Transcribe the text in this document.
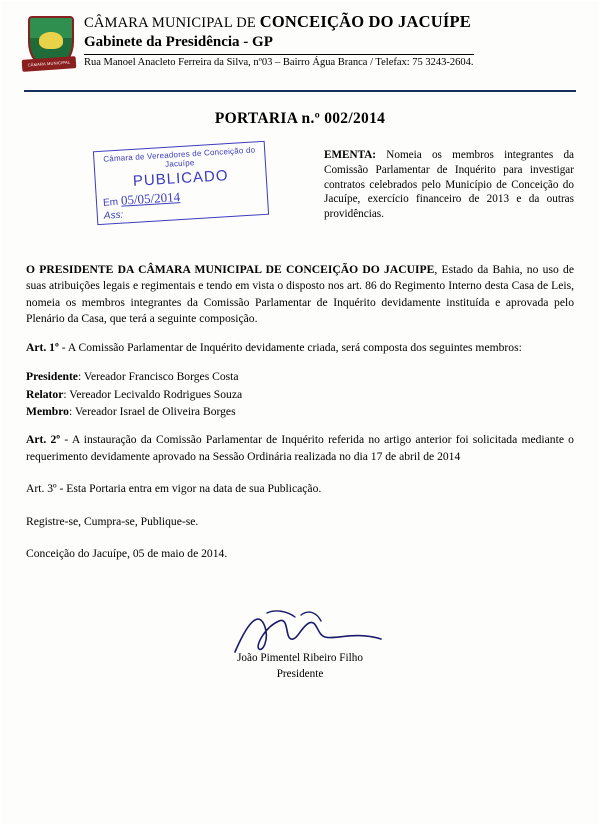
CÂMARA MUNICIPAL
CÂMARA MUNICIPAL DE CONCEIÇÃO DO JACUÍPE
Gabinete da Presidência - GP
Rua Manoel Anacleto Ferreira da Silva, nº03 – Bairro Água Branca / Telefax: 75 3243-2604.
PORTARIA n.º 002/2014
Câmara de Vereadores de Conceição do Jacuípe
PUBLICADO
Em 05/05/2014
Ass:
EMENTA: Nomeia os membros integrantes da Comissão Parlamentar de Inquérito para investigar contratos celebrados pelo Município de Conceição do Jacuípe, exercício financeiro de 2013 e da outras providências.
O PRESIDENTE DA CÂMARA MUNICIPAL DE CONCEIÇÃO DO JACUIPE, Estado da Bahia, no uso de suas atribuições legais e regimentais e tendo em vista o disposto nos art. 86 do Regimento Interno desta Casa de Leis, nomeia os membros integrantes da Comissão Parlamentar de Inquérito devidamente instituída e aprovada pelo Plenário da Casa, que terá a seguinte composição.
Art. 1º - A Comissão Parlamentar de Inquérito devidamente criada, será composta dos seguintes membros:
Presidente: Vereador Francisco Borges Costa
Relator: Vereador Lecivaldo Rodrigues Souza
Membro: Vereador Israel de Oliveira Borges
Art. 2º - A instauração da Comissão Parlamentar de Inquérito referida no artigo anterior foi solicitada mediante o requerimento devidamente aprovado na Sessão Ordinária realizada no dia 17 de abril de 2014
Art. 3º - Esta Portaria entra em vigor na data de sua Publicação.
Registre-se, Cumpra-se, Publique-se.
Conceição do Jacuípe, 05 de maio de 2014.
João Pimentel Ribeiro Filho
Presidente
